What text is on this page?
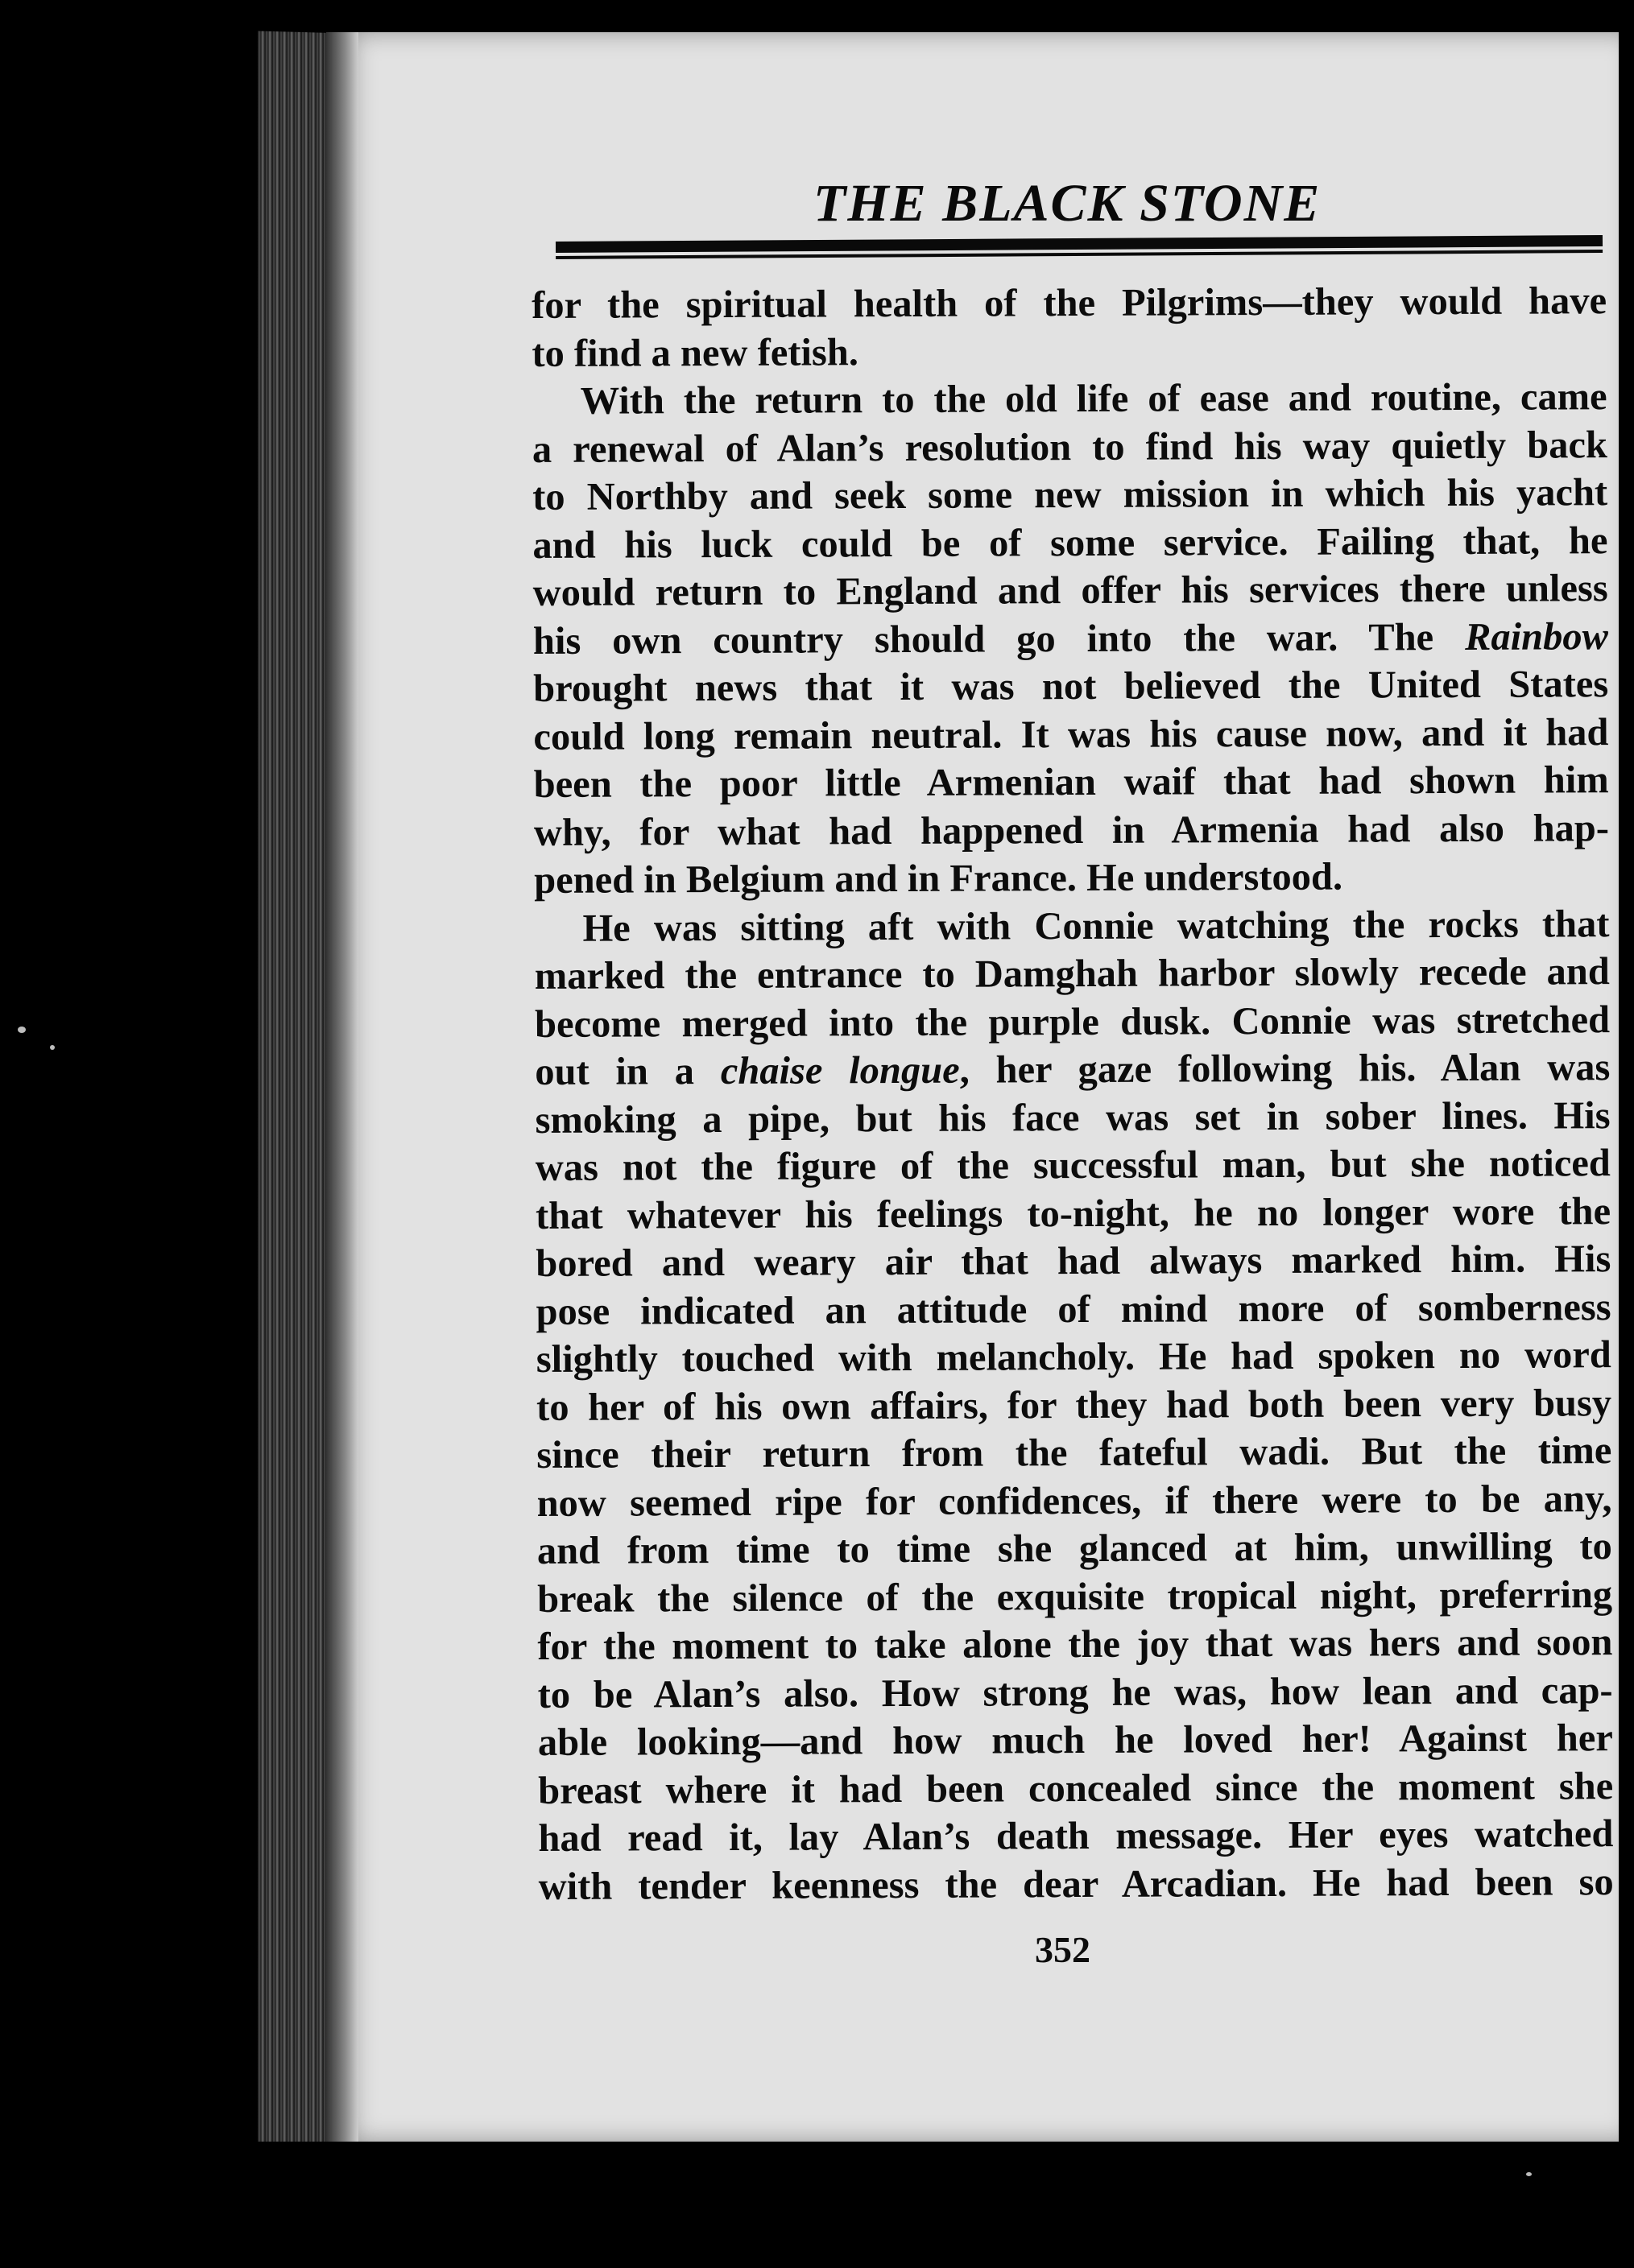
THE BLACK STONE
for the spiritual health of the Pilgrims—they would have
to find a new fetish.
With the return to the old life of ease and routine, came
a renewal of Alan’s resolution to find his way quietly back
to Northby and seek some new mission in which his yacht
and his luck could be of some service. Failing that, he
would return to England and offer his services there unless
his own country should go into the war. The Rainbow
brought news that it was not believed the United States
could long remain neutral. It was his cause now, and it had
been the poor little Armenian waif that had shown him
why, for what had happened in Armenia had also hap-
pened in Belgium and in France. He understood.
He was sitting aft with Connie watching the rocks that
marked the entrance to Damghah harbor slowly recede and
become merged into the purple dusk. Connie was stretched
out in a chaise longue, her gaze following his. Alan was
smoking a pipe, but his face was set in sober lines. His
was not the figure of the successful man, but she noticed
that whatever his feelings to-night, he no longer wore the
bored and weary air that had always marked him. His
pose indicated an attitude of mind more of somberness
slightly touched with melancholy. He had spoken no word
to her of his own affairs, for they had both been very busy
since their return from the fateful wadi. But the time
now seemed ripe for confidences, if there were to be any,
and from time to time she glanced at him, unwilling to
break the silence of the exquisite tropical night, preferring
for the moment to take alone the joy that was hers and soon
to be Alan’s also. How strong he was, how lean and cap-
able looking—and how much he loved her! Against her
breast where it had been concealed since the moment she
had read it, lay Alan’s death message. Her eyes watched
with tender keenness the dear Arcadian. He had been so
352
